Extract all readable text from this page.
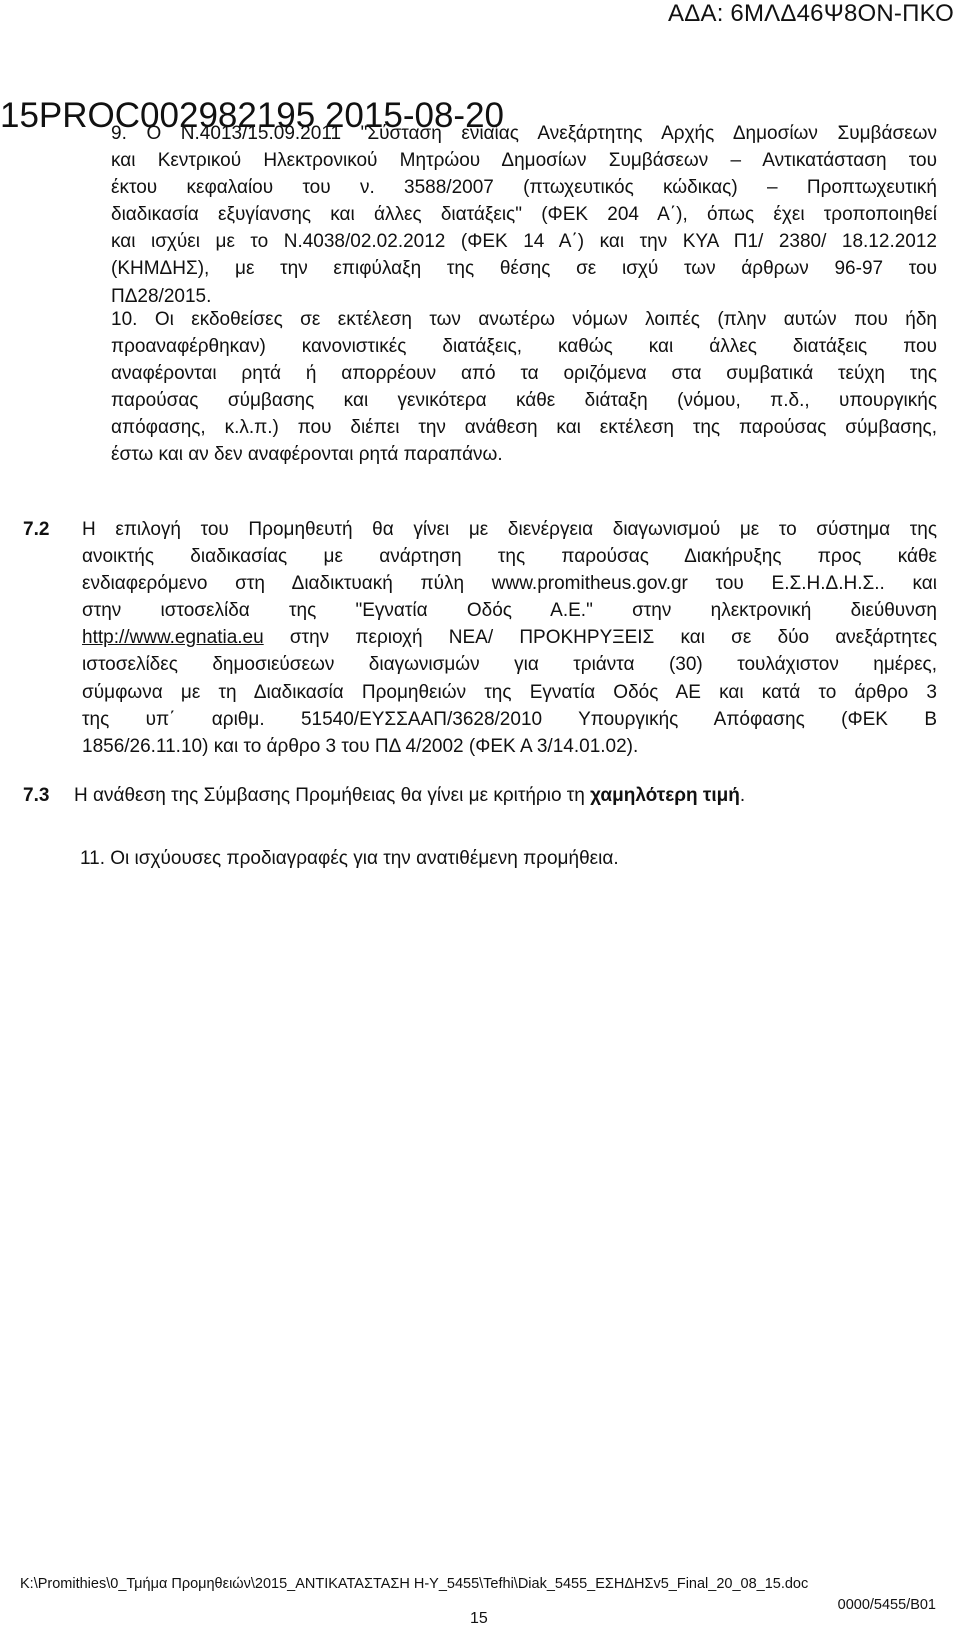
ΑΔΑ: 6ΜΛΔ46Ψ8ΟΝ-ΠΚΟ
15PROC002982195 2015-08-20
9. Ο Ν.4013/15.09.2011 "Σύσταση ενιαίας Ανεξάρτητης Αρχής Δημοσίων Συμβάσεων
και Κεντρικού Ηλεκτρονικού Μητρώου Δημοσίων Συμβάσεων – Αντικατάσταση του
έκτου κεφαλαίου του ν. 3588/2007 (πτωχευτικός κώδικας) – Προπτωχευτική
διαδικασία εξυγίανσης και άλλες διατάξεις" (ΦΕΚ 204 Α΄), όπως έχει τροποποιηθεί
και ισχύει με το Ν.4038/02.02.2012 (ΦΕΚ 14 Α΄) και την ΚΥΑ Π1/ 2380/ 18.12.2012
(ΚΗΜΔΗΣ), με την επιφύλαξη της θέσης σε ισχύ των άρθρων 96-97 του
ΠΔ28/2015.
10. Οι εκδοθείσες σε εκτέλεση των ανωτέρω νόμων λοιπές (πλην αυτών που ήδη
προαναφέρθηκαν) κανονιστικές διατάξεις, καθώς και άλλες διατάξεις που
αναφέρονται ρητά ή απορρέουν από τα οριζόμενα στα συμβατικά τεύχη της
παρούσας σύμβασης και γενικότερα κάθε διάταξη (νόμου, π.δ., υπουργικής
απόφασης, κ.λ.π.) που διέπει την ανάθεση και εκτέλεση της παρούσας σύμβασης,
έστω και αν δεν αναφέρονται ρητά παραπάνω.
11. Οι ισχύουσες προδιαγραφές για την ανατιθέμενη προμήθεια.
7.2 Η επιλογή του Προμηθευτή θα γίνει με διενέργεια διαγωνισμού με το σύστημα της
ανοικτής διαδικασίας με ανάρτηση της παρούσας Διακήρυξης προς κάθε
ενδιαφερόμενο στη Διαδικτυακή πύλη www.promitheus.gov.gr του Ε.Σ.Η.Δ.Η.Σ.. και
στην ιστοσελίδα της "Εγνατία Οδός Α.Ε." στην ηλεκτρονική διεύθυνση
http://www.egnatia.eu στην περιοχή ΝΕΑ/ ΠΡΟΚΗΡΥΞΕΙΣ και σε δύο ανεξάρτητες
ιστοσελίδες δημοσιεύσεων διαγωνισμών για τριάντα (30) τουλάχιστον ημέρες,
σύμφωνα με τη Διαδικασία Προμηθειών της Εγνατία Οδός ΑΕ και κατά το άρθρο 3
της υπ΄ αριθμ. 51540/ΕΥΣΣΑΑΠ/3628/2010 Υπουργικής Απόφασης (ΦΕΚ Β
1856/26.11.10) και το άρθρο 3 του ΠΔ 4/2002 (ΦΕΚ Α 3/14.01.02).
7.3 Η ανάθεση της Σύμβασης Προμήθειας θα γίνει με κριτήριο τη χαμηλότερη τιμή.
K:\Promithies\0_Τμήμα Προμηθειών\2015_ΑΝΤΙΚΑΤΑΣΤΑΣΗ Η-Υ_5455\Tefhi\Diak_5455_ΕΣΗΔΗΣv5_Final_20_08_15.doc
0000/5455/Β01
15
